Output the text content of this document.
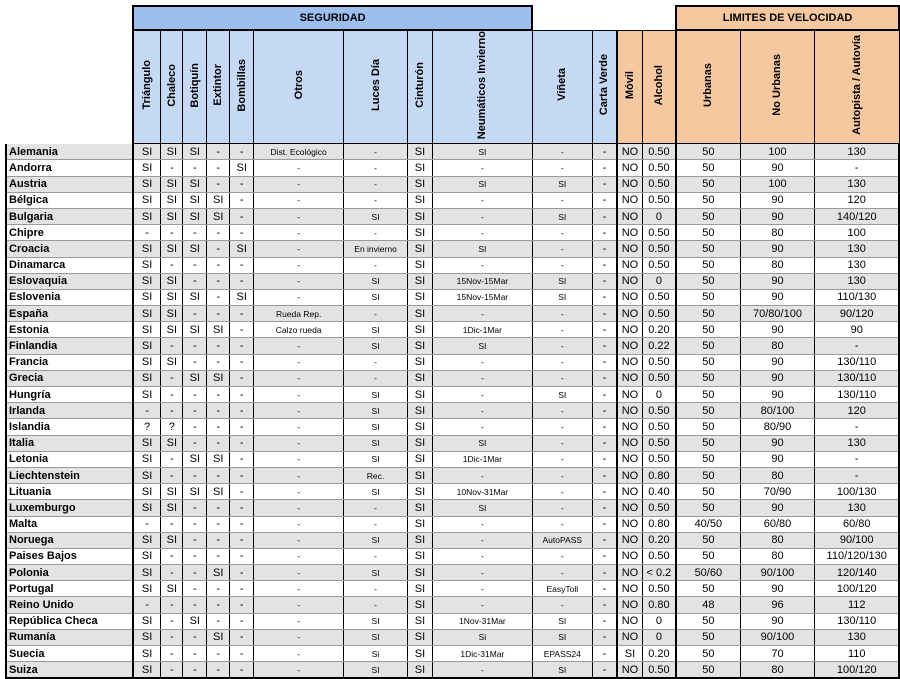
	SEGURIDAD													LIMITES DE VELOCIDAD		
	Triángulo	Chaleco	Botiquín	Extintor	Bombillas	Otros	Luces Día	Cinturón	Neumáticos Invierno	Viñeta	Carta Verde	Móvil	Alcohol	Urbanas	No Urbanas	Autopista / Autovía
Alemania	SI	SI	SI	-	-	Dist. Ecológico	-	SI	SI	-	-	NO	0.50	50	100	130
Andorra	SI	-	-	-	SI	-	-	SI	-	-	-	NO	0.50	50	90	-
Austria	SI	SI	SI	-	-	-	-	SI	SI	SI	-	NO	0.50	50	100	130
Bélgica	SI	SI	SI	SI	-	-	-	SI	-	-	-	NO	0.50	50	90	120
Bulgaria	SI	SI	SI	SI	-	-	SI	SI	-	SI	-	NO	0	50	90	140/120
Chipre	-	-	-	-	-	-	-	SI	-	-	-	NO	0.50	50	80	100
Croacia	SI	SI	SI	-	SI	-	En invierno	SI	SI	-	-	NO	0.50	50	90	130
Dinamarca	SI	-	-	-	-	-	-	SI	-	-	-	NO	0.50	50	80	130
Eslovaquia	SI	SI	-	-	-	-	SI	SI	15Nov-15Mar	SI	-	NO	0	50	90	130
Eslovenia	SI	SI	SI	-	SI	-	SI	SI	15Nov-15Mar	SI	-	NO	0.50	50	90	110/130
España	SI	SI	-	-	-	Rueda Rep.	-	SI	-	-	-	NO	0.50	50	70/80/100	90/120
Estonia	SI	SI	SI	SI	-	Calzo rueda	SI	SI	1Dic-1Mar	-	-	NO	0.20	50	90	90
Finlandia	SI	-	-	-	-	-	SI	SI	SI	-	-	NO	0.22	50	80	-
Francia	SI	SI	-	-	-	-	-	SI	-	-	-	NO	0.50	50	90	130/110
Grecia	SI	-	SI	SI	-	-	-	SI	-	-	-	NO	0.50	50	90	130/110
Hungría	SI	-	-	-	-	-	SI	SI	-	SI	-	NO	0	50	90	130/110
Irlanda	-	-	-	-	-	-	SI	SI	-	-	-	NO	0.50	50	80/100	120
Islandia	?	?	-	-	-	-	SI	SI	-	-	-	NO	0.50	50	80/90	-
Italia	SI	SI	-	-	-	-	SI	SI	SI	-	-	NO	0.50	50	90	130
Letonia	SI	-	SI	SI	-	-	SI	SI	1Dic-1Mar	-	-	NO	0.50	50	90	-
Liechtenstein	SI	-	-	-	-	-	Rec.	SI	-	-	-	NO	0.80	50	80	-
Lituania	SI	SI	SI	SI	-	-	SI	SI	10Nov-31Mar	-	-	NO	0.40	50	70/90	100/130
Luxemburgo	SI	SI	-	-	-	-	-	SI	SI	-	-	NO	0.50	50	90	130
Malta	-	-	-	-	-	-	-	SI	-	-	-	NO	0.80	40/50	60/80	60/80
Noruega	SI	SI	-	-	-	-	SI	SI	-	AutoPASS	-	NO	0.20	50	80	90/100
Paises Bajos	SI	-	-	-	-	-	-	SI	-	-	-	NO	0.50	50	80	110/120/130
Polonia	SI	-	-	SI	-	-	SI	SI	-	-	-	NO	< 0.2	50/60	90/100	120/140
Portugal	SI	SI	-	-	-	-	-	SI	-	EasyToll	-	NO	0.50	50	90	100/120
Reino Unido	-	-	-	-	-	-	-	SI	-	-	-	NO	0.80	48	96	112
República Checa	SI	-	SI	-	-	-	SI	SI	1Nov-31Mar	SI	-	NO	0	50	90	130/110
Rumanía	SI	-	-	SI	-	-	SI	SI	Si	SI	-	NO	0	50	90/100	130
Suecia	SI	-	-	-	-	-	Si	SI	1Dic-31Mar	EPASS24	-	SI	0.20	50	70	110
Suiza	SI	-	-	-	-	-	SI	SI	-	SI	-	NO	0.50	50	80	100/120
